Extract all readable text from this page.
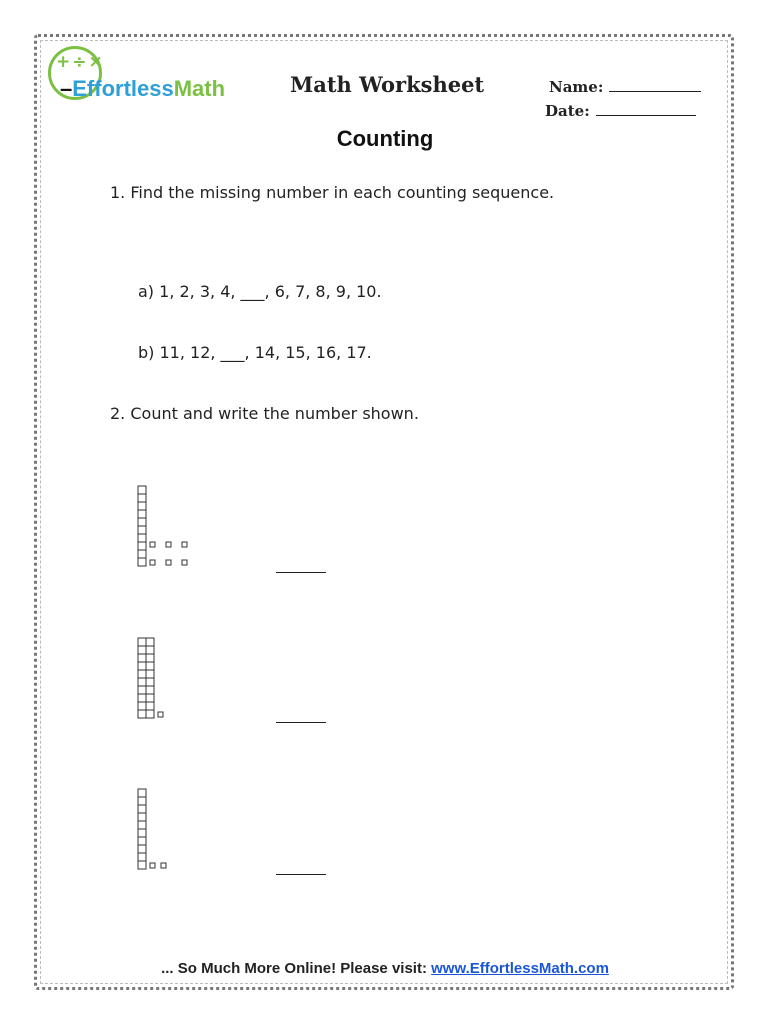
+÷×
–EffortlessMath	Math Worksheet	Name:
Date:
Counting
1. Find the missing number in each counting sequence.
a) 1, 2, 3, 4, ___, 6, 7, 8, 9, 10.
b) 11, 12, ___, 14, 15, 16, 17.
2. Count and write the number shown.
... So Much More Online! Please visit: www.EffortlessMath.com
